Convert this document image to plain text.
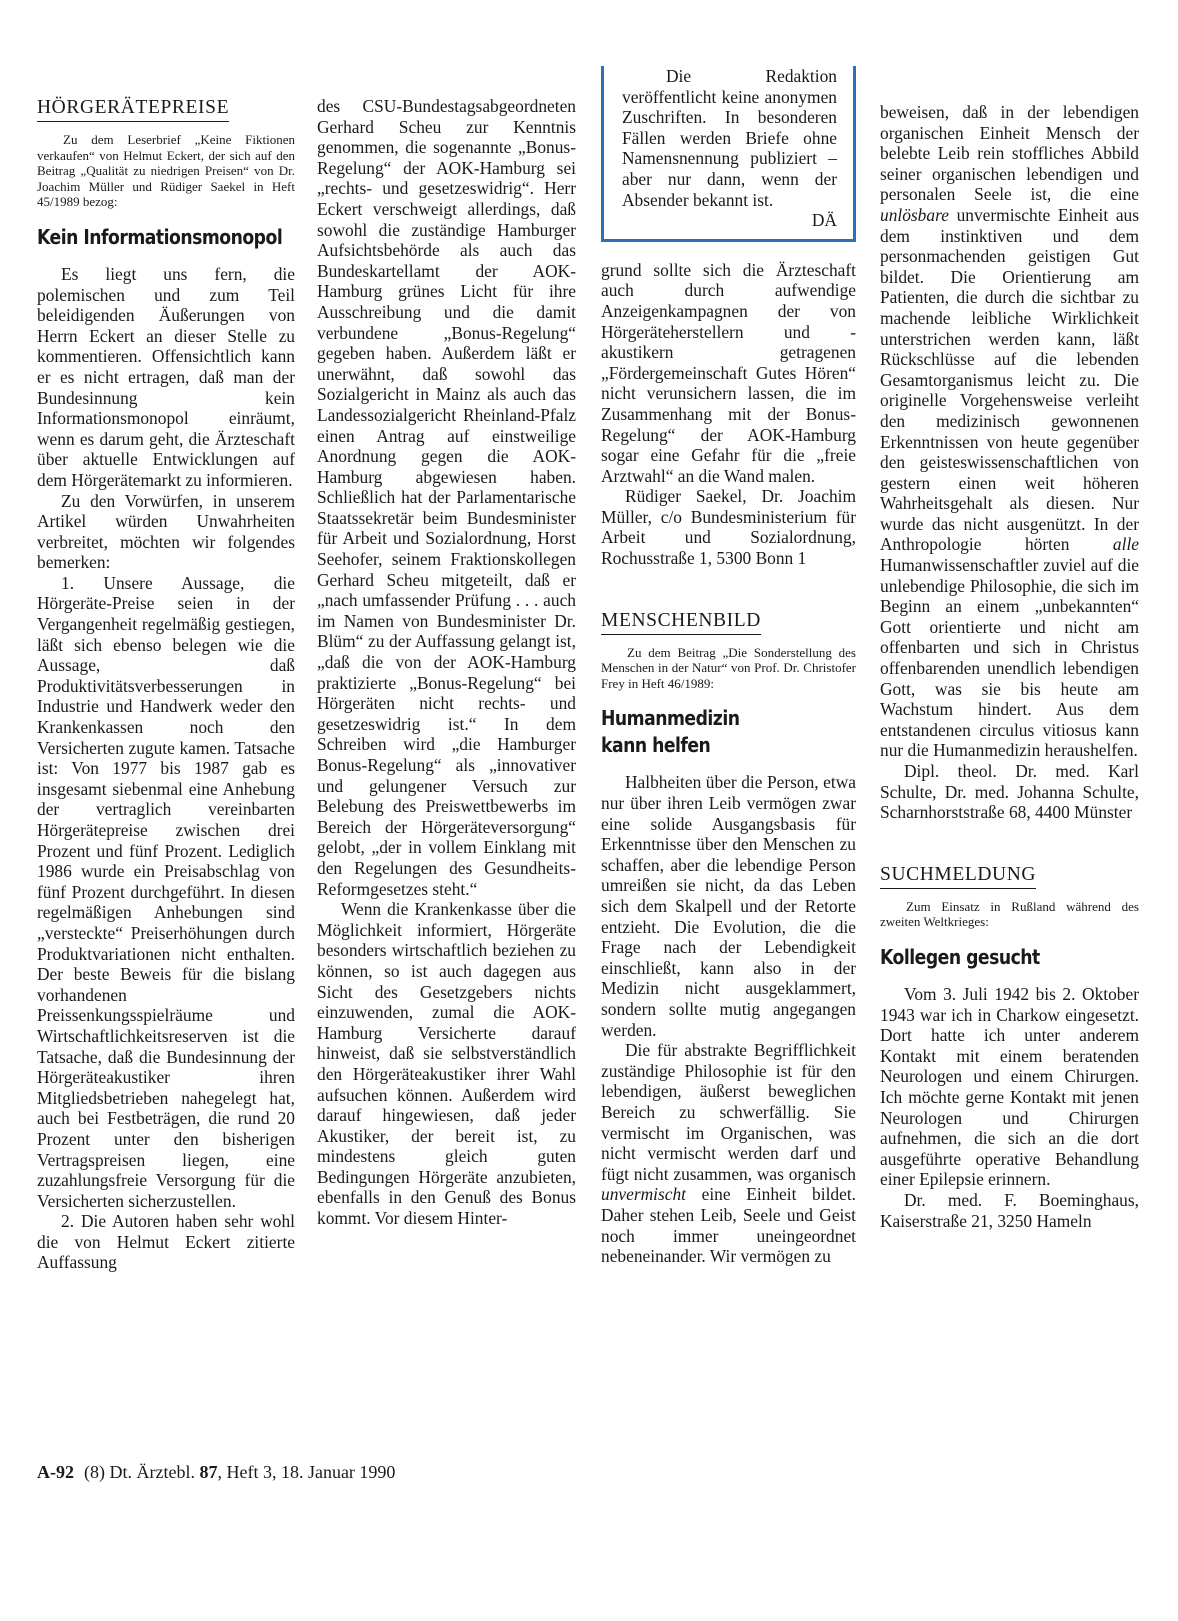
HÖRGERÄTEPREISE

Zu dem Leserbrief „Keine Fiktionen verkaufen“ von Helmut Eckert, der sich auf den Beitrag „Qualität zu niedrigen Preisen“ von Dr. Joachim Müller und Rüdiger Saekel in Heft 45/1989 bezog:

Kein Informationsmonopol

Es liegt uns fern, die polemischen und zum Teil beleidigenden Äußerungen von Herrn Eckert an dieser Stelle zu kommentieren. Offensichtlich kann er es nicht ertragen, daß man der Bundesinnung kein Informationsmonopol einräumt, wenn es darum geht, die Ärzteschaft über aktuelle Entwicklungen auf dem Hörgerätemarkt zu informieren.

Zu den Vorwürfen, in unserem Artikel würden Unwahrheiten verbreitet, möchten wir folgendes bemerken:

1. Unsere Aussage, die Hörgeräte-Preise seien in der Vergangenheit regelmäßig gestiegen, läßt sich ebenso belegen wie die Aussage, daß Produktivitätsverbesserungen in Industrie und Handwerk weder den Krankenkassen noch den Versicherten zugute kamen. Tatsache ist: Von 1977 bis 1987 gab es insgesamt siebenmal eine Anhebung der vertraglich vereinbarten Hörgerätepreise zwischen drei Prozent und fünf Prozent. Lediglich 1986 wurde ein Preisabschlag von fünf Prozent durchgeführt. In diesen regelmäßigen Anhebungen sind „versteckte“ Preiserhöhungen durch Produktvariationen nicht enthalten. Der beste Beweis für die bislang vorhandenen Preissenkungsspielräume und Wirtschaftlichkeitsreserven ist die Tatsache, daß die Bundesinnung der Hörgeräteakustiker ihren Mitgliedsbetrieben nahegelegt hat, auch bei Festbeträgen, die rund 20 Prozent unter den bisherigen Vertragspreisen liegen, eine zuzahlungsfreie Versorgung für die Versicherten sicherzustellen.

2. Die Autoren haben sehr wohl die von Helmut Eckert zitierte Auffassung

des CSU-Bundestagsabgeordneten Gerhard Scheu zur Kenntnis genommen, die sogenannte „Bonus-Regelung“ der AOK-Hamburg sei „rechts- und gesetzeswidrig“. Herr Eckert verschweigt allerdings, daß sowohl die zuständige Hamburger Aufsichtsbehörde als auch das Bundeskartellamt der AOK-Hamburg grünes Licht für ihre Ausschreibung und die damit verbundene „Bonus-Regelung“ gegeben haben. Außerdem läßt er unerwähnt, daß sowohl das Sozialgericht in Mainz als auch das Landessozialgericht Rheinland-Pfalz einen Antrag auf einstweilige Anordnung gegen die AOK-Hamburg abgewiesen haben. Schließlich hat der Parlamentarische Staatssekretär beim Bundesminister für Arbeit und Sozialordnung, Horst Seehofer, seinem Fraktionskollegen Gerhard Scheu mitgeteilt, daß er „nach umfassender Prüfung . . . auch im Namen von Bundesminister Dr. Blüm“ zu der Auffassung gelangt ist, „daß die von der AOK-Hamburg praktizierte „Bonus-Regelung“ bei Hörgeräten nicht rechts- und gesetzeswidrig ist.“ In dem Schreiben wird „die Hamburger Bonus-Regelung“ als „innovativer und gelungener Versuch zur Belebung des Preiswettbewerbs im Bereich der Hörgeräteversorgung“ gelobt, „der in vollem Einklang mit den Regelungen des Gesundheits-Reformgesetzes steht.“

Wenn die Krankenkasse über die Möglichkeit informiert, Hörgeräte besonders wirtschaftlich beziehen zu können, so ist auch dagegen aus Sicht des Gesetzgebers nichts einzuwenden, zumal die AOK-Hamburg Versicherte darauf hinweist, daß sie selbstverständlich den Hörgeräteakustiker ihrer Wahl aufsuchen können. Außerdem wird darauf hingewiesen, daß jeder Akustiker, der bereit ist, zu mindestens gleich guten Bedingungen Hörgeräte anzubieten, ebenfalls in den Genuß des Bonus kommt. Vor diesem Hinter-

Die Redaktion veröffentlicht keine anonymen Zuschriften. In besonderen Fällen werden Briefe ohne Namensnennung publiziert – aber nur dann, wenn der Absender bekannt ist.
DÄ

grund sollte sich die Ärzteschaft auch durch aufwendige Anzeigenkampagnen der von Hörgeräteherstellern und -akustikern getragenen „Fördergemeinschaft Gutes Hören“ nicht verunsichern lassen, die im Zusammenhang mit der Bonus-Regelung“ der AOK-Hamburg sogar eine Gefahr für die „freie Arztwahl“ an die Wand malen.

Rüdiger Saekel, Dr. Joachim Müller, c/o Bundesministerium für Arbeit und Sozialordnung, Rochusstraße 1, 5300 Bonn 1

MENSCHENBILD

Zu dem Beitrag „Die Sonderstellung des Menschen in der Natur“ von Prof. Dr. Christofer Frey in Heft 46/1989:

Humanmedizin
kann helfen

Halbheiten über die Person, etwa nur über ihren Leib vermögen zwar eine solide Ausgangsbasis für Erkenntnisse über den Menschen zu schaffen, aber die lebendige Person umreißen sie nicht, da das Leben sich dem Skalpell und der Retorte entzieht. Die Evolution, die die Frage nach der Lebendigkeit einschließt, kann also in der Medizin nicht ausgeklammert, sondern sollte mutig angegangen werden.

Die für abstrakte Begrifflichkeit zuständige Philosophie ist für den lebendigen, äußerst beweglichen Bereich zu schwerfällig. Sie vermischt im Organischen, was nicht vermischt werden darf und fügt nicht zusammen, was organisch unvermischt eine Einheit bildet. Daher stehen Leib, Seele und Geist noch immer uneingeordnet nebeneinander. Wir vermögen zu

beweisen, daß in der lebendigen organischen Einheit Mensch der belebte Leib rein stoffliches Abbild seiner organischen lebendigen und personalen Seele ist, die eine unlösbare unvermischte Einheit aus dem instinktiven und dem personmachenden geistigen Gut bildet. Die Orientierung am Patienten, die durch die sichtbar zu machende leibliche Wirklichkeit unterstrichen werden kann, läßt Rückschlüsse auf die lebenden Gesamtorganismus leicht zu. Die originelle Vorgehensweise verleiht den medizinisch gewonnenen Erkenntnissen von heute gegenüber den geisteswissenschaftlichen von gestern einen weit höheren Wahrheitsgehalt als diesen. Nur wurde das nicht ausgenützt. In der Anthropologie hörten alle Humanwissenschaftler zuviel auf die unlebendige Philosophie, die sich im Beginn an einem „unbekannten“ Gott orientierte und nicht am offenbarten und sich in Christus offenbarenden unendlich lebendigen Gott, was sie bis heute am Wachstum hindert. Aus dem entstandenen circulus vitiosus kann nur die Humanmedizin heraushelfen.

Dipl. theol. Dr. med. Karl Schulte, Dr. med. Johanna Schulte, Scharnhorststraße 68, 4400 Münster

SUCHMELDUNG

Zum Einsatz in Rußland während des zweiten Weltkrieges:

Kollegen gesucht

Vom 3. Juli 1942 bis 2. Oktober 1943 war ich in Charkow eingesetzt. Dort hatte ich unter anderem Kontakt mit einem beratenden Neurologen und einem Chirurgen. Ich möchte gerne Kontakt mit jenen Neurologen und Chirurgen aufnehmen, die sich an die dort ausgeführte operative Behandlung einer Epilepsie erinnern.

Dr. med. F. Boeminghaus, Kaiserstraße 21, 3250 Hameln

A-92 (8) Dt. Ärztebl. 87, Heft 3, 18. Januar 1990
